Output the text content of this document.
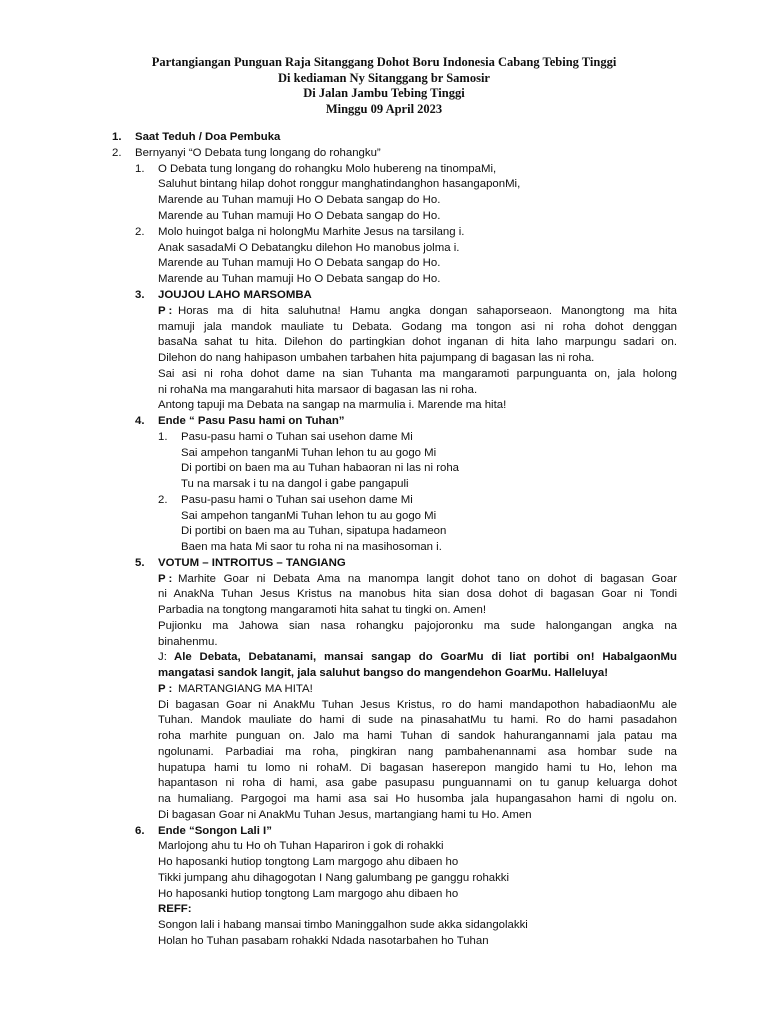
Partangiangan Punguan Raja Sitanggang Dohot Boru Indonesia Cabang Tebing Tinggi
Di kediaman Ny Sitanggang br Samosir
Di Jalan Jambu Tebing Tinggi
Minggu 09 April 2023
1. Saat Teduh / Doa Pembuka
2. Bernyanyi “O Debata tung longang do rohangku”
1. O Debata tung longang do rohangku Molo hubereng na tinompaMi,
Saluhut bintang hilap dohot ronggur manghatindanghon hasangaponMi,
Marende au Tuhan mamuji Ho O Debata sangap do Ho.
Marende au Tuhan mamuji Ho O Debata sangap do Ho.
2. Molo huingot balga ni holongMu Marhite Jesus na tarsilang i.
Anak sasadaMi O Debatangku dilehon Ho manobus jolma i.
Marende au Tuhan mamuji Ho O Debata sangap do Ho.
Marende au Tuhan mamuji Ho O Debata sangap do Ho.
3. JOUJOU LAHO MARSOMBA
P : Horas ma di hita saluhutna! Hamu angka dongan sahaporseaon. Manongtong ma hita
mamuji jala mandok mauliate tu Debata. Godang ma tongon asi ni roha dohot denggan
basaNa sahat tu hita. Dilehon do partingkian dohot inganan di hita laho marpungu sadari on.
Dilehon do nang hahipason umbahen tarbahen hita pajumpang di bagasan las ni roha.
Sai asi ni roha dohot dame na sian Tuhanta ma mangaramoti parpunguanta on, jala holong
ni rohaNa ma mangarahuti hita marsaor di bagasan las ni roha.
Antong tapuji ma Debata na sangap na marmulia i. Marende ma hita!
4. Ende “ Pasu Pasu hami on Tuhan”
1. Pasu-pasu hami o Tuhan sai usehon dame Mi
Sai ampehon tanganMi Tuhan lehon tu au gogo Mi
Di portibi on baen ma au Tuhan habaoran ni las ni roha
Tu na marsak i tu na dangol i gabe pangapuli
2. Pasu-pasu hami o Tuhan sai usehon dame Mi
Sai ampehon tanganMi Tuhan lehon tu au gogo Mi
Di portibi on baen ma au Tuhan, sipatupa hadameon
Baen ma hata Mi saor tu roha ni na masihosoman i.
5. VOTUM – INTROITUS – TANGIANG
P : Marhite Goar ni Debata Ama na manompa langit dohot tano on dohot di bagasan Goar
ni AnakNa Tuhan Jesus Kristus na manobus hita sian dosa dohot di bagasan Goar ni Tondi
Parbadia na tongtong mangaramoti hita sahat tu tingki on. Amen!
Pujionku ma Jahowa sian nasa rohangku pajojoronku ma sude halongangan angka na
binahenmu.
J: Ale Debata, Debatanami, mansai sangap do GoarMu di liat portibi on! HabalgaonMu
mangatasi sandok langit, jala saluhut bangso do mangendehon GoarMu. Halleluya!
P : MARTANGIANG MA HITA!
Di bagasan Goar ni AnakMu Tuhan Jesus Kristus, ro do hami mandapothon habadiaonMu ale
Tuhan. Mandok mauliate do hami di sude na pinasahatMu tu hami. Ro do hami pasadahon
roha marhite punguan on. Jalo ma hami Tuhan di sandok hahurangannami jala patau ma
ngolunami. Parbadiai ma roha, pingkiran nang pambahenannami asa hombar sude na
hupatupa hami tu lomo ni rohaM. Di bagasan haserepon mangido hami tu Ho, lehon ma
hapantason ni roha di hami, asa gabe pasupasu punguannami on tu ganup keluarga dohot
na humaliang. Pargogoi ma hami asa sai Ho husomba jala hupangasahon hami di ngolu on.
Di bagasan Goar ni AnakMu Tuhan Jesus, martangiang hami tu Ho. Amen
6. Ende “Songon Lali I”
Marlojong ahu tu Ho oh Tuhan Hapariron i gok di rohakki
Ho haposanki hutiop tongtong Lam margogo ahu dibaen ho
Tikki jumpang ahu dihagogotan I Nang galumbang pe ganggu rohakki
Ho haposanki hutiop tongtong Lam margogo ahu dibaen ho
REFF:
Songon lali i habang mansai timbo Maninggalhon sude akka sidangolakki
Holan ho Tuhan pasabam rohakki Ndada nasotarbahen ho Tuhan
